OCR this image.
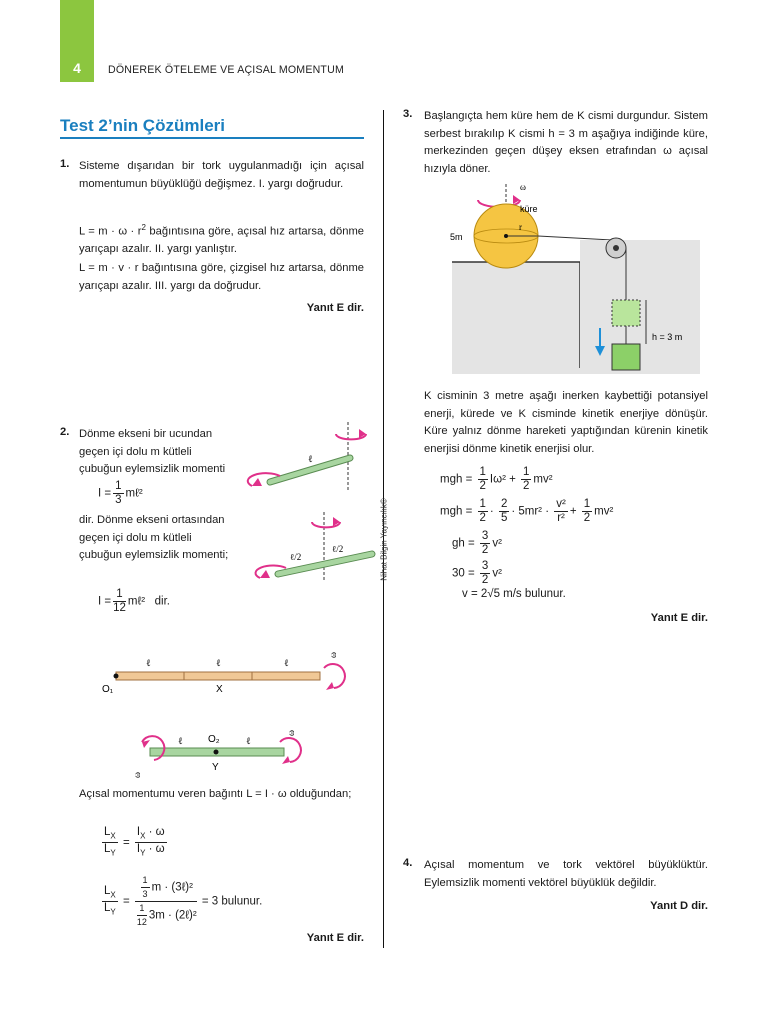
4	DÖNEREK ÖTELEME VE AÇISAL MOMENTUM
Nihat Bilgin Yayıncılık©
Test 2’nin Çözümleri
1. Sisteme dışarıdan bir tork uygulanmadığı için açısal momentumun büyüklüğü değişmez. I. yargı doğrudur.
$L = m \cdot \omega \cdot r^2$ bağıntısına göre, açısal hız artarsa, dönme yarıçapı azalır. II. yargı yanlıştır.
L = m · v · r bağıntısına göre, çizgisel hız artarsa, dönme yarıçapı azalır. III. yargı da doğrudur.
Yanıt E dir.
2. Dönme ekseni bir ucundan geçen içi dolu m kütleli çubuğun eylemsizlik momenti
$I = \frac{1}{3}$ mℓ²
dir. Dönme ekseni ortasından geçen içi dolu m kütleli çubuğun eylemsizlik momenti;
$I = \frac{1}{12}$ mℓ² dir.
ℓ
ℓ/2
ℓ/2
ℓ	ℓ	ℓ
O₁	X
ω
ℓ	ℓ
O₂
Y
ω
ω
Açısal momentumu veren bağıntı L = I · ω olduğundan;
$\frac{L_X}{L_Y} = \frac{I_X \cdot \omega}{I_Y \cdot \omega}$
$\frac{L_X}{L_Y} = \frac{\frac{1}{3} m \cdot (3\ell)^2}{\frac{1}{12} 3m \cdot (2\ell)^2} = 3$ bulunur.
Yanıt E dir.
3. Başlangıçta hem küre hem de K cismi durgundur. Sistem serbest bırakılıp K cismi h = 3 m aşağıya indiğinde küre, merkezinden geçen düşey eksen etrafından ω açısal hızıyla döner.
r
küre
ω
5m
h = 3 m
K cisminin 3 metre aşağı inerken kaybettiği potansiyel enerji, kürede ve K cisminde kinetik enerjiye dönüşür. Küre yalnız dönme hareketi yaptığından kürenin kinetik enerjisi dönme kinetik enerjisi olur.
mgh = $\frac{1}{2} I\omega^2 + \frac{1}{2} mv^2$
mgh = $\frac{1}{2} \cdot \frac{2}{5} \cdot 5mr^2 \cdot \frac{\text{v²}}{\text{r²}} + \frac{1}{2} mv^2$
gh = $\frac{3}{2} v^2$
$30 = \frac{3}{2} v^2$
v = 2√5 m/s bulunur.
Yanıt E dir.
4. Açısal momentum ve tork vektörel büyüklüktür. Eylemsizlik momenti vektörel büyüklük değildir.
Yanıt D dir.
